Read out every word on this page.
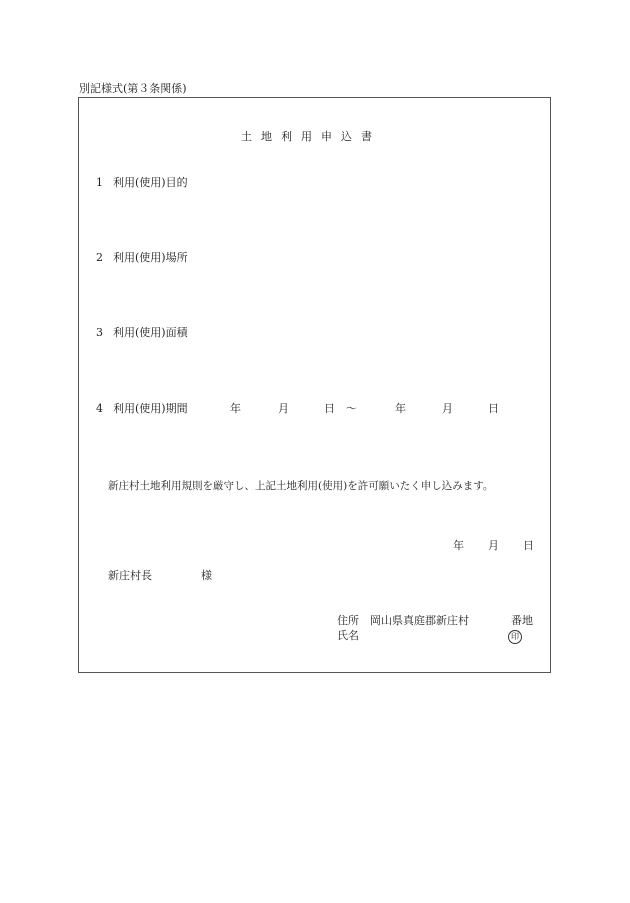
別記様式(第３条関係)
土地利用申込書
1 利用(使用)目的
2 利用(使用)場所
3 利用(使用)面積
4 利用(使用)期間	年	月	日 〜	年	月	日
新庄村土地利用規則を厳守し、上記土地利用(使用)を許可願いたく申し込みます。
年 月 日
新庄村長	様
住所 岡山県真庭郡新庄村	番地
氏名	印
